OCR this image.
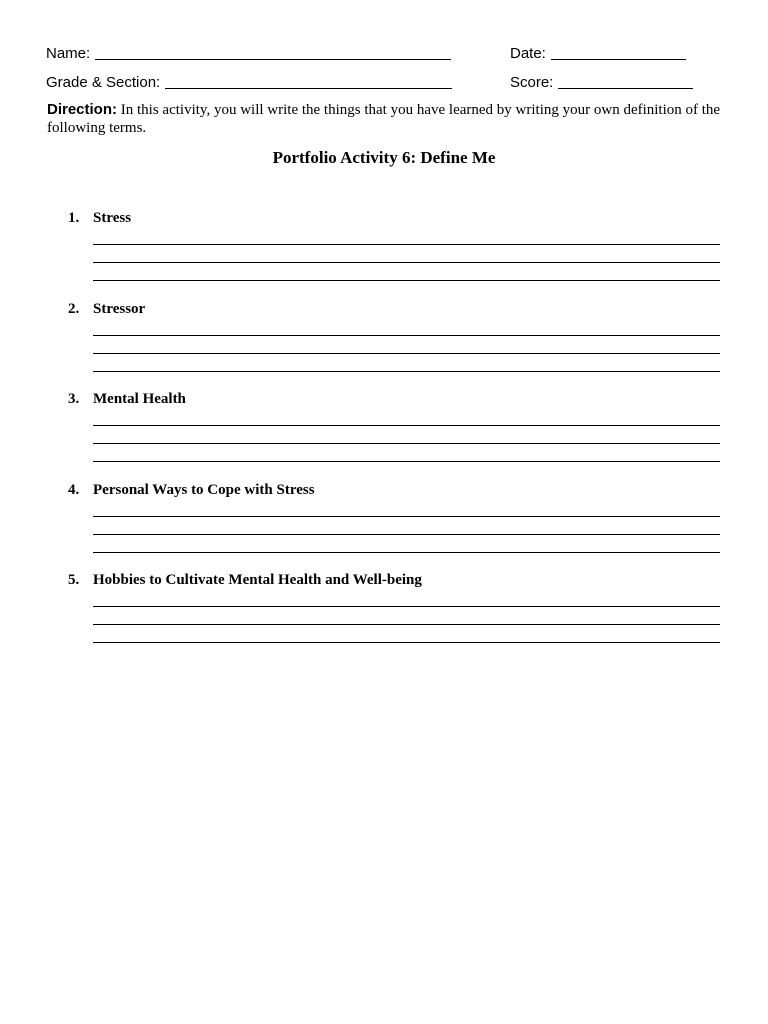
Name:	Date:
Grade & Section:	Score:
Direction: In this activity, you will write the things that you have learned by writing your own definition of the following terms.
Portfolio Activity 6: Define Me
1. Stress
2. Stressor
3. Mental Health
4. Personal Ways to Cope with Stress
5. Hobbies to Cultivate Mental Health and Well-being
